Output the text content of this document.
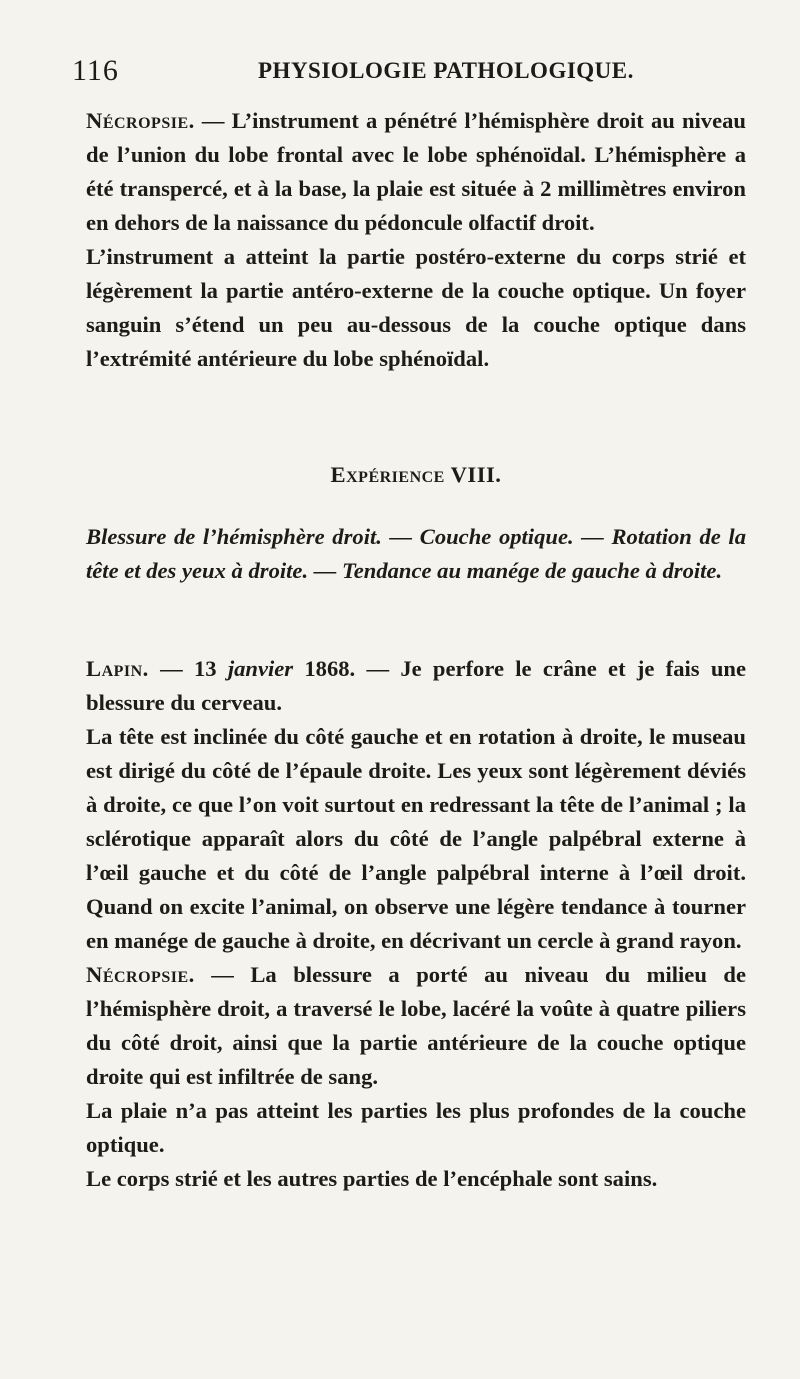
116	PHYSIOLOGIE PATHOLOGIQUE.

Nécropsie. — L’instrument a pénétré l’hémisphère droit au niveau de l’union du lobe frontal avec le lobe sphénoïdal. L’hémisphère a été transpercé, et à la base, la plaie est située à 2 millimètres environ en dehors de la naissance du pédoncule olfactif droit.

L’instrument a atteint la partie postéro-externe du corps strié et légèrement la partie antéro-externe de la couche optique. Un foyer sanguin s’étend un peu au-dessous de la couche optique dans l’extrémité antérieure du lobe sphénoïdal.

Expérience VIII.
Blessure de l’hémisphère droit. — Couche optique. — Rotation de la tête et des yeux à droite. — Tendance au manége de gauche à droite.

Lapin. — 13 janvier 1868. — Je perfore le crâne et je fais une blessure du cerveau.

La tête est inclinée du côté gauche et en rotation à droite, le museau est dirigé du côté de l’épaule droite. Les yeux sont légèrement déviés à droite, ce que l’on voit surtout en redressant la tête de l’animal ; la sclérotique apparaît alors du côté de l’angle palpébral externe à l’œil gauche et du côté de l’angle palpébral interne à l’œil droit. Quand on excite l’animal, on observe une légère tendance à tourner en manége de gauche à droite, en décrivant un cercle à grand rayon.

Nécropsie. — La blessure a porté au niveau du milieu de l’hémisphère droit, a traversé le lobe, lacéré la voûte à quatre piliers du côté droit, ainsi que la partie antérieure de la couche optique droite qui est infiltrée de sang.

La plaie n’a pas atteint les parties les plus profondes de la couche optique.

Le corps strié et les autres parties de l’encéphale sont sains.
